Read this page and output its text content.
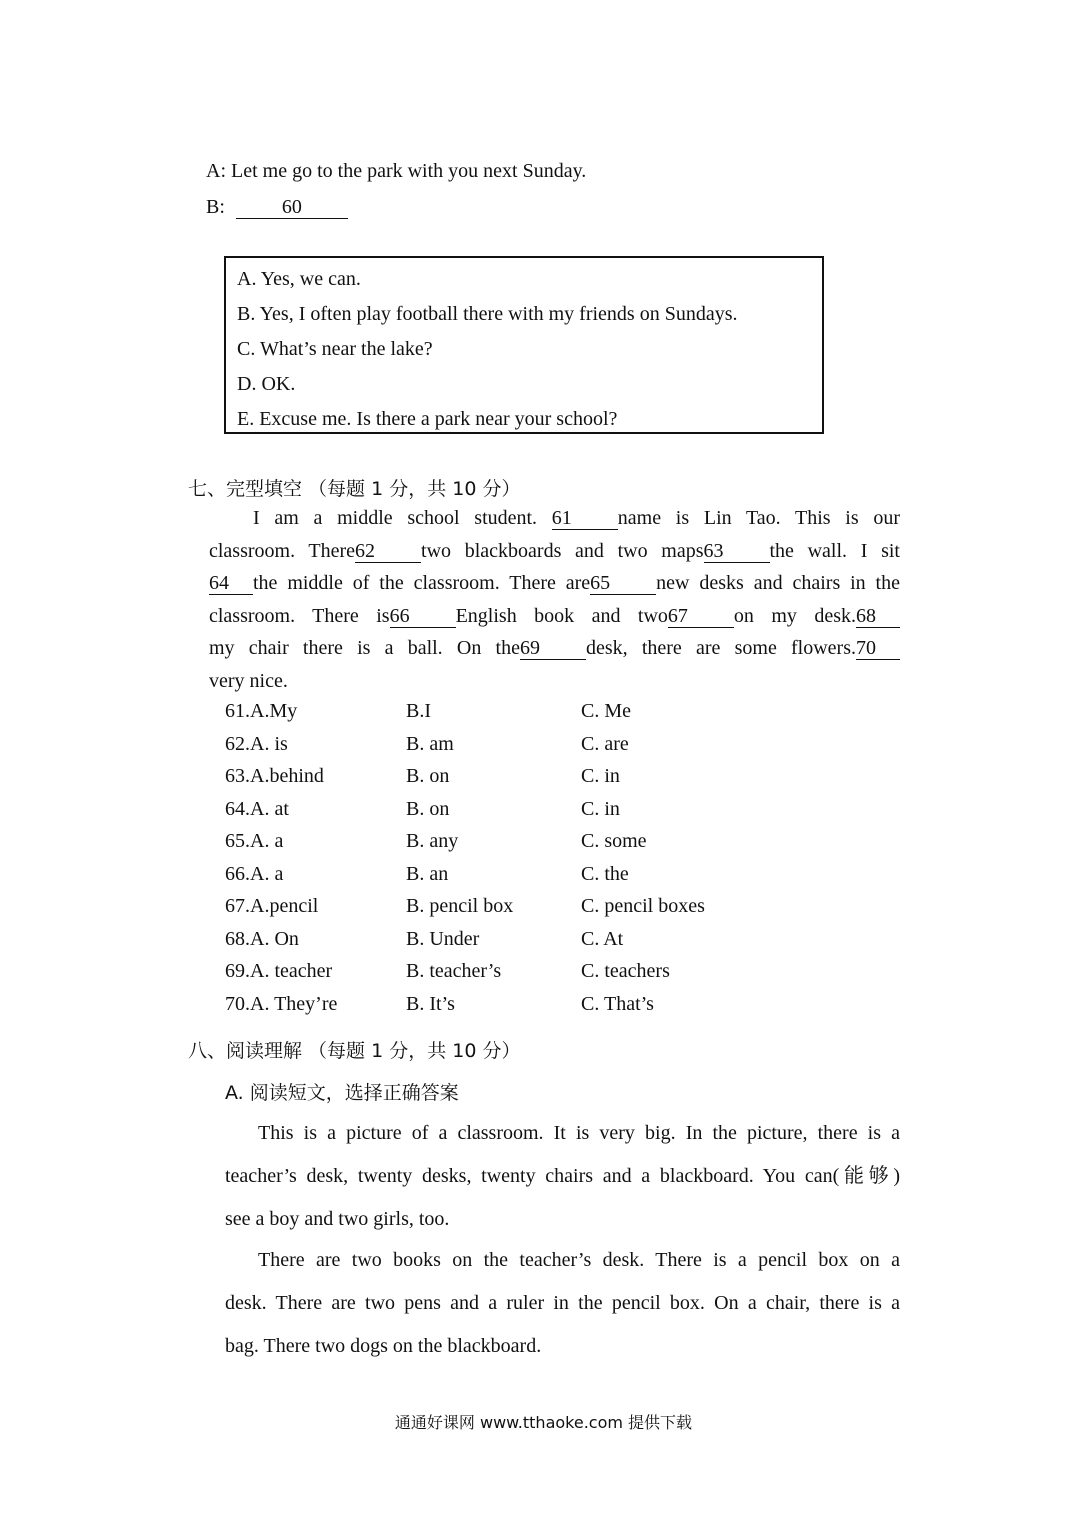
A: Let me go to the park with you next Sunday.
B:	60
A. Yes, we can.
B. Yes, I often play football there with my friends on Sundays.
C. What’s near the lake?
D. OK.
E. Excuse me. Is there a park near your school?
七、完型填空 （每题 1 分，共 10 分）
I am a middle school student. 61 name is Lin Tao. This is our
classroom. There62 two blackboards and two maps63 the wall. I sit
64 the middle of the classroom. There are65 new desks and chairs in the
classroom. There is66 English book and two67 on my desk.68
my chair there is a ball. On the69 desk, there are some flowers.70
very nice.
61.A.My	B.I	C. Me
62.A. is	B. am	C. are
63.A.behind	B. on	C. in
64.A. at	B. on	C. in
65.A. a	B. any	C. some
66.A. a	B. an	C. the
67.A.pencil	B. pencil box	C. pencil boxes
68.A. On	B. Under	C. At
69.A. teacher	B. teacher’s	C. teachers
70.A. They’re	B. It’s	C. That’s
八、阅读理解 （每题 1 分，共 10 分）
A. 阅读短文，选择正确答案
This is a picture of a classroom. It is very big. In the picture, there is a
teacher’s desk, twenty desks, twenty chairs and a blackboard. You can(能够)
see a boy and two girls, too.
There are two books on the teacher’s desk. There is a pencil box on a
desk. There are two pens and a ruler in the pencil box. On a chair, there is a
bag. There two dogs on the blackboard.
通通好课网 www.tthaoke.com 提供下载
